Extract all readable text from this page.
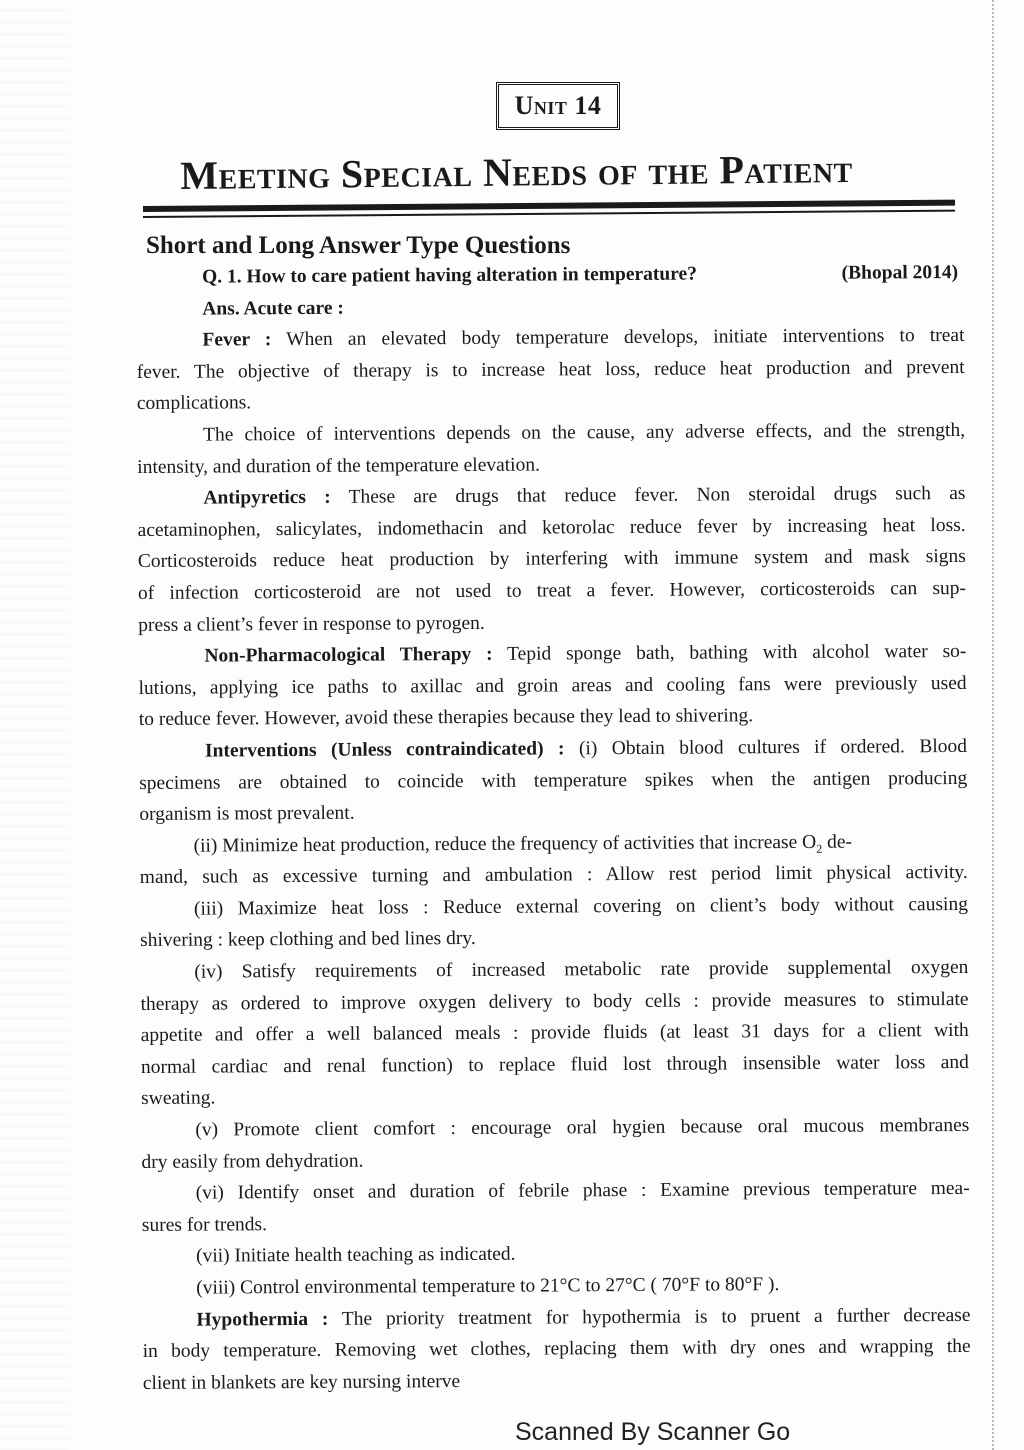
Unit 14
Meeting Special Needs of the Patient
Short and Long Answer Type Questions
Q. 1. How to care patient having alteration in temperature?	(Bhopal 2014)
Ans. Acute care :
Fever : When an elevated body temperature develops, initiate interventions to treat
fever. The objective of therapy is to increase heat loss, reduce heat production and prevent
complications.
The choice of interventions depends on the cause, any adverse effects, and the strength,
intensity, and duration of the temperature elevation.
Antipyretics : These are drugs that reduce fever. Non steroidal drugs such as
acetaminophen, salicylates, indomethacin and ketorolac reduce fever by increasing heat loss.
Corticosteroids reduce heat production by interfering with immune system and mask signs
of infection corticosteroid are not used to treat a fever. However, corticosteroids can sup-
press a client’s fever in response to pyrogen.
Non-Pharmacological Therapy : Tepid sponge bath, bathing with alcohol water so-
lutions, applying ice paths to axillac and groin areas and cooling fans were previously used
to reduce fever. However, avoid these therapies because they lead to shivering.
Interventions (Unless contraindicated) : (i) Obtain blood cultures if ordered. Blood
specimens are obtained to coincide with temperature spikes when the antigen producing
organism is most prevalent.
(ii) Minimize heat production, reduce the frequency of activities that increase $O_2$ de-
mand, such as excessive turning and ambulation : Allow rest period limit physical activity.
(iii) Maximize heat loss : Reduce external covering on client’s body without causing
shivering : keep clothing and bed lines dry.
(iv) Satisfy requirements of increased metabolic rate provide supplemental oxygen
therapy as ordered to improve oxygen delivery to body cells : provide measures to stimulate
appetite and offer a well balanced meals : provide fluids (at least 31 days for a client with
normal cardiac and renal function) to replace fluid lost through insensible water loss and
sweating.
(v) Promote client comfort : encourage oral hygien because oral mucous membranes
dry easily from dehydration.
(vi) Identify onset and duration of febrile phase : Examine previous temperature mea-
sures for trends.
(vii) Initiate health teaching as indicated.
(viii) Control environmental temperature to 21°C to 27°C ( 70°F to 80°F ).
Hypothermia : The priority treatment for hypothermia is to pruent a further decrease
in body temperature. Removing wet clothes, replacing them with dry ones and wrapping the
client in blankets are key nursing interve
Scanned By Scanner Go
